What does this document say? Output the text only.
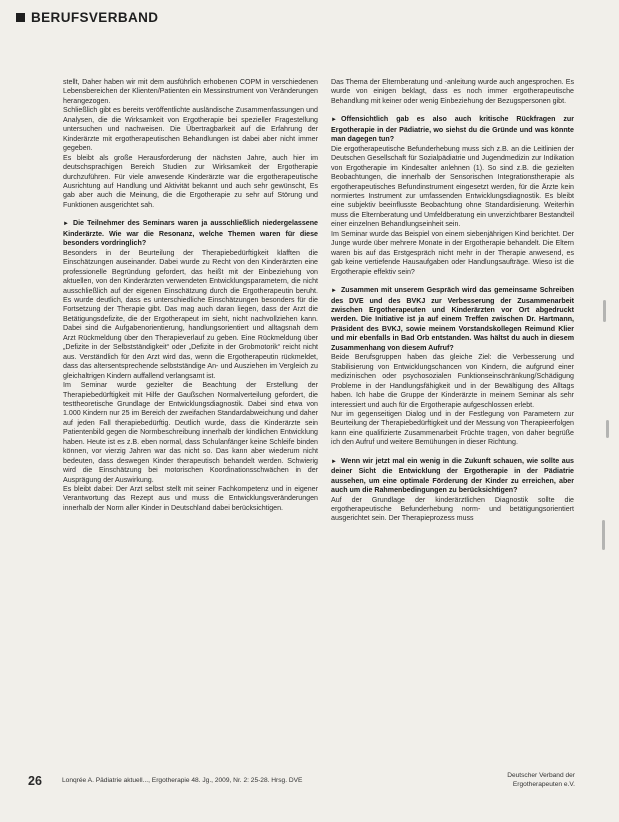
BERUFSVERBAND

stellt, Daher haben wir mit dem ausführlich erhobenen COPM in verschiedenen Lebensbereichen der Klienten/Patienten ein Messinstrument von Veränderungen herangezogen.

Schließlich gibt es bereits veröffentlichte ausländische Zusammenfassungen und Analysen, die die Wirksamkeit von Ergotherapie bei spezieller Fragestellung untersuchen und nachweisen. Die Übertragbarkeit auf die Erfahrung der Kinderärzte mit ergotherapeutischen Behandlungen ist dabei aber nicht immer gegeben.

Es bleibt als große Herausforderung der nächsten Jahre, auch hier im deutschsprachigen Bereich Studien zur Wirksamkeit der Ergotherapie durchzuführen. Für viele anwesende Kinderärzte war die ergotherapeutische Ausrichtung auf Handlung und Aktivität bekannt und auch sehr gewünscht, Es gab aber auch die Meinung, die die Ergotherapie zu sehr auf Störung und Funktionen ausgerichtet sah.

► Die Teilnehmer des Seminars waren ja ausschließlich niedergelassene Kinderärzte. Wie war die Resonanz, welche Themen waren für diese besonders vordringlich?

Besonders in der Beurteilung der Therapiebedürftigkeit klafften die Einschätzungen auseinander. Dabei wurde zu Recht von den Kinderärzten eine professionelle Begründung gefordert, das heißt mit der Einbeziehung von aktuellen, von den Kinderärzten verwendeten Entwicklungsparametern, die nicht ausschließlich auf der eigenen Einschätzung durch die Ergotherapeutin beruht. Es wurde deutlich, dass es unterschiedliche Einschätzungen besonders für die Fortsetzung der Therapie gibt. Das mag auch daran liegen, dass der Arzt die Betätigungsdefizite, die der Ergotherapeut im sieht, nicht nachvollziehen kann. Dabei sind die Aufgabenorientierung, handlungsorientiert und alltagsnah dem Arzt Rückmeldung über den Therapieverlauf zu geben. Eine Rückmeldung über „Defizite in der Selbstständigkeit“ oder „Defizite in der Grobmotorik“ reicht nicht aus. Verständlich für den Arzt wird das, wenn die Ergotherapeutin rückmeldet, dass das altersentsprechende selbstständige An- und Ausziehen im Vergleich zu gleichaltrigen Kindern auffallend verlangsamt ist.

Im Seminar wurde gezielter die Beachtung der Erstellung der Therapiebedürftigkeit mit Hilfe der Gaußschen Normalverteilung gefordert, die testtheoretische Grundlage der Entwicklungsdiagnostik. Dabei sind etwa von 1.000 Kindern nur 25 im Bereich der zweifachen Standardabweichung und daher auf jeden Fall therapiebedürftig. Deutlich wurde, dass die Kinderärzte sein Patientenbild gegen die Normbeschreibung innerhalb der kindlichen Entwicklung haben. Heute ist es z.B. eben normal, dass Schulanfänger keine Schleife binden können, vor vierzig Jahren war das nicht so. Das kann aber wiederum nicht bedeuten, dass deswegen Kinder therapeutisch behandelt werden. Schwierig wird die Einschätzung bei motorischen Koordinationsschwächen in der Ausprägung der Auswirkung.

Es bleibt dabei: Der Arzt selbst stellt mit seiner Fachkompetenz und in eigener Verantwortung das Rezept aus und muss die Entwicklungsveränderungen innerhalb der Norm aller Kinder in Deutschland dabei berücksichtigen.

Das Thema der Elternberatung und -anleitung wurde auch angesprochen. Es wurde von einigen beklagt, dass es noch immer ergotherapeutische Behandlung mit keiner oder wenig Einbeziehung der Bezugspersonen gibt.

► Offensichtlich gab es also auch kritische Rückfragen zur Ergotherapie in der Pädiatrie, wo siehst du die Gründe und was könnte man dagegen tun?

Die ergotherapeutische Befunderhebung muss sich z.B. an die Leitlinien der Deutschen Gesellschaft für Sozialpädiatrie und Jugendmedizin zur Indikation von Ergotherapie im Kindesalter anlehnen (1). So sind z.B. die gezielten Beobachtungen, die innerhalb der Sensorischen Integrationstherapie als ergotherapeutisches Befundinstrument eingesetzt werden, für die Ärzte kein normiertes Instrument zur umfassenden Entwicklungsdiagnostik. Es bleibt eine subjektiv beeinflusste Beobachtung ohne Standardisierung. Weiterhin muss die Elternberatung und Umfeldberatung ein unverzichtbarer Bestandteil einer einzelnen Behandlungseinheit sein.

Im Seminar wurde das Beispiel von einem siebenjährigen Kind berichtet. Der Junge wurde über mehrere Monate in der Ergotherapie behandelt. Die Eltern waren bis auf das Erstgespräch nicht mehr in der Therapie anwesend, es gab keine vertiefende Hausaufgaben oder Handlungsaufträge. Wieso ist die Ergotherapie effektiv sein?

► Zusammen mit unserem Gespräch wird das gemeinsame Schreiben des DVE und des BVKJ zur Verbesserung der Zusammenarbeit zwischen Ergotherapeuten und Kinderärzten vor Ort abgedruckt werden. Die Initiative ist ja auf einem Treffen zwischen Dr. Hartmann, Präsident des BVKJ, sowie meinem Vorstandskollegen Reimund Klier und mir ebenfalls in Bad Orb entstanden. Was hältst du auch in diesem Zusammenhang von diesem Aufruf?

Beide Berufsgruppen haben das gleiche Ziel: die Verbesserung und Stabilisierung von Entwicklungschancen von Kindern, die aufgrund einer medizinischen oder psychosozialen Funktionseinschränkung/Schädigung Probleme in der Handlungsfähigkeit und in der Bewältigung des Alltags haben. Ich habe die Gruppe der Kinderärzte in meinem Seminar als sehr interessiert und auch für die Ergotherapie aufgeschlossen erlebt.

Nur im gegenseitigen Dialog und in der Festlegung von Parametern zur Beurteilung der Therapiebedürftigkeit und der Messung von Therapieerfolgen kann eine qualifizierte Zusammenarbeit Früchte tragen, von daher begrüße ich den Aufruf und weitere Bemühungen in dieser Richtung.

► Wenn wir jetzt mal ein wenig in die Zukunft schauen, wie sollte aus deiner Sicht die Entwicklung der Ergotherapie in der Pädiatrie aussehen, um eine optimale Förderung der Kinder zu erreichen, aber auch um die Rahmenbedingungen zu berücksichtigen?

Auf der Grundlage der kinderärztlichen Diagnostik sollte die ergotherapeutische Befunderhebung norm- und betätigungsorientiert ausgerichtet sein. Der Therapieprozess muss

26	Lonqrée A. Pädiatrie aktuell..., Ergotherapie 48. Jg., 2009, Nr. 2: 25-28. Hrsg. DVE
Deutscher Verband der
Ergotherapeuten e.V.
